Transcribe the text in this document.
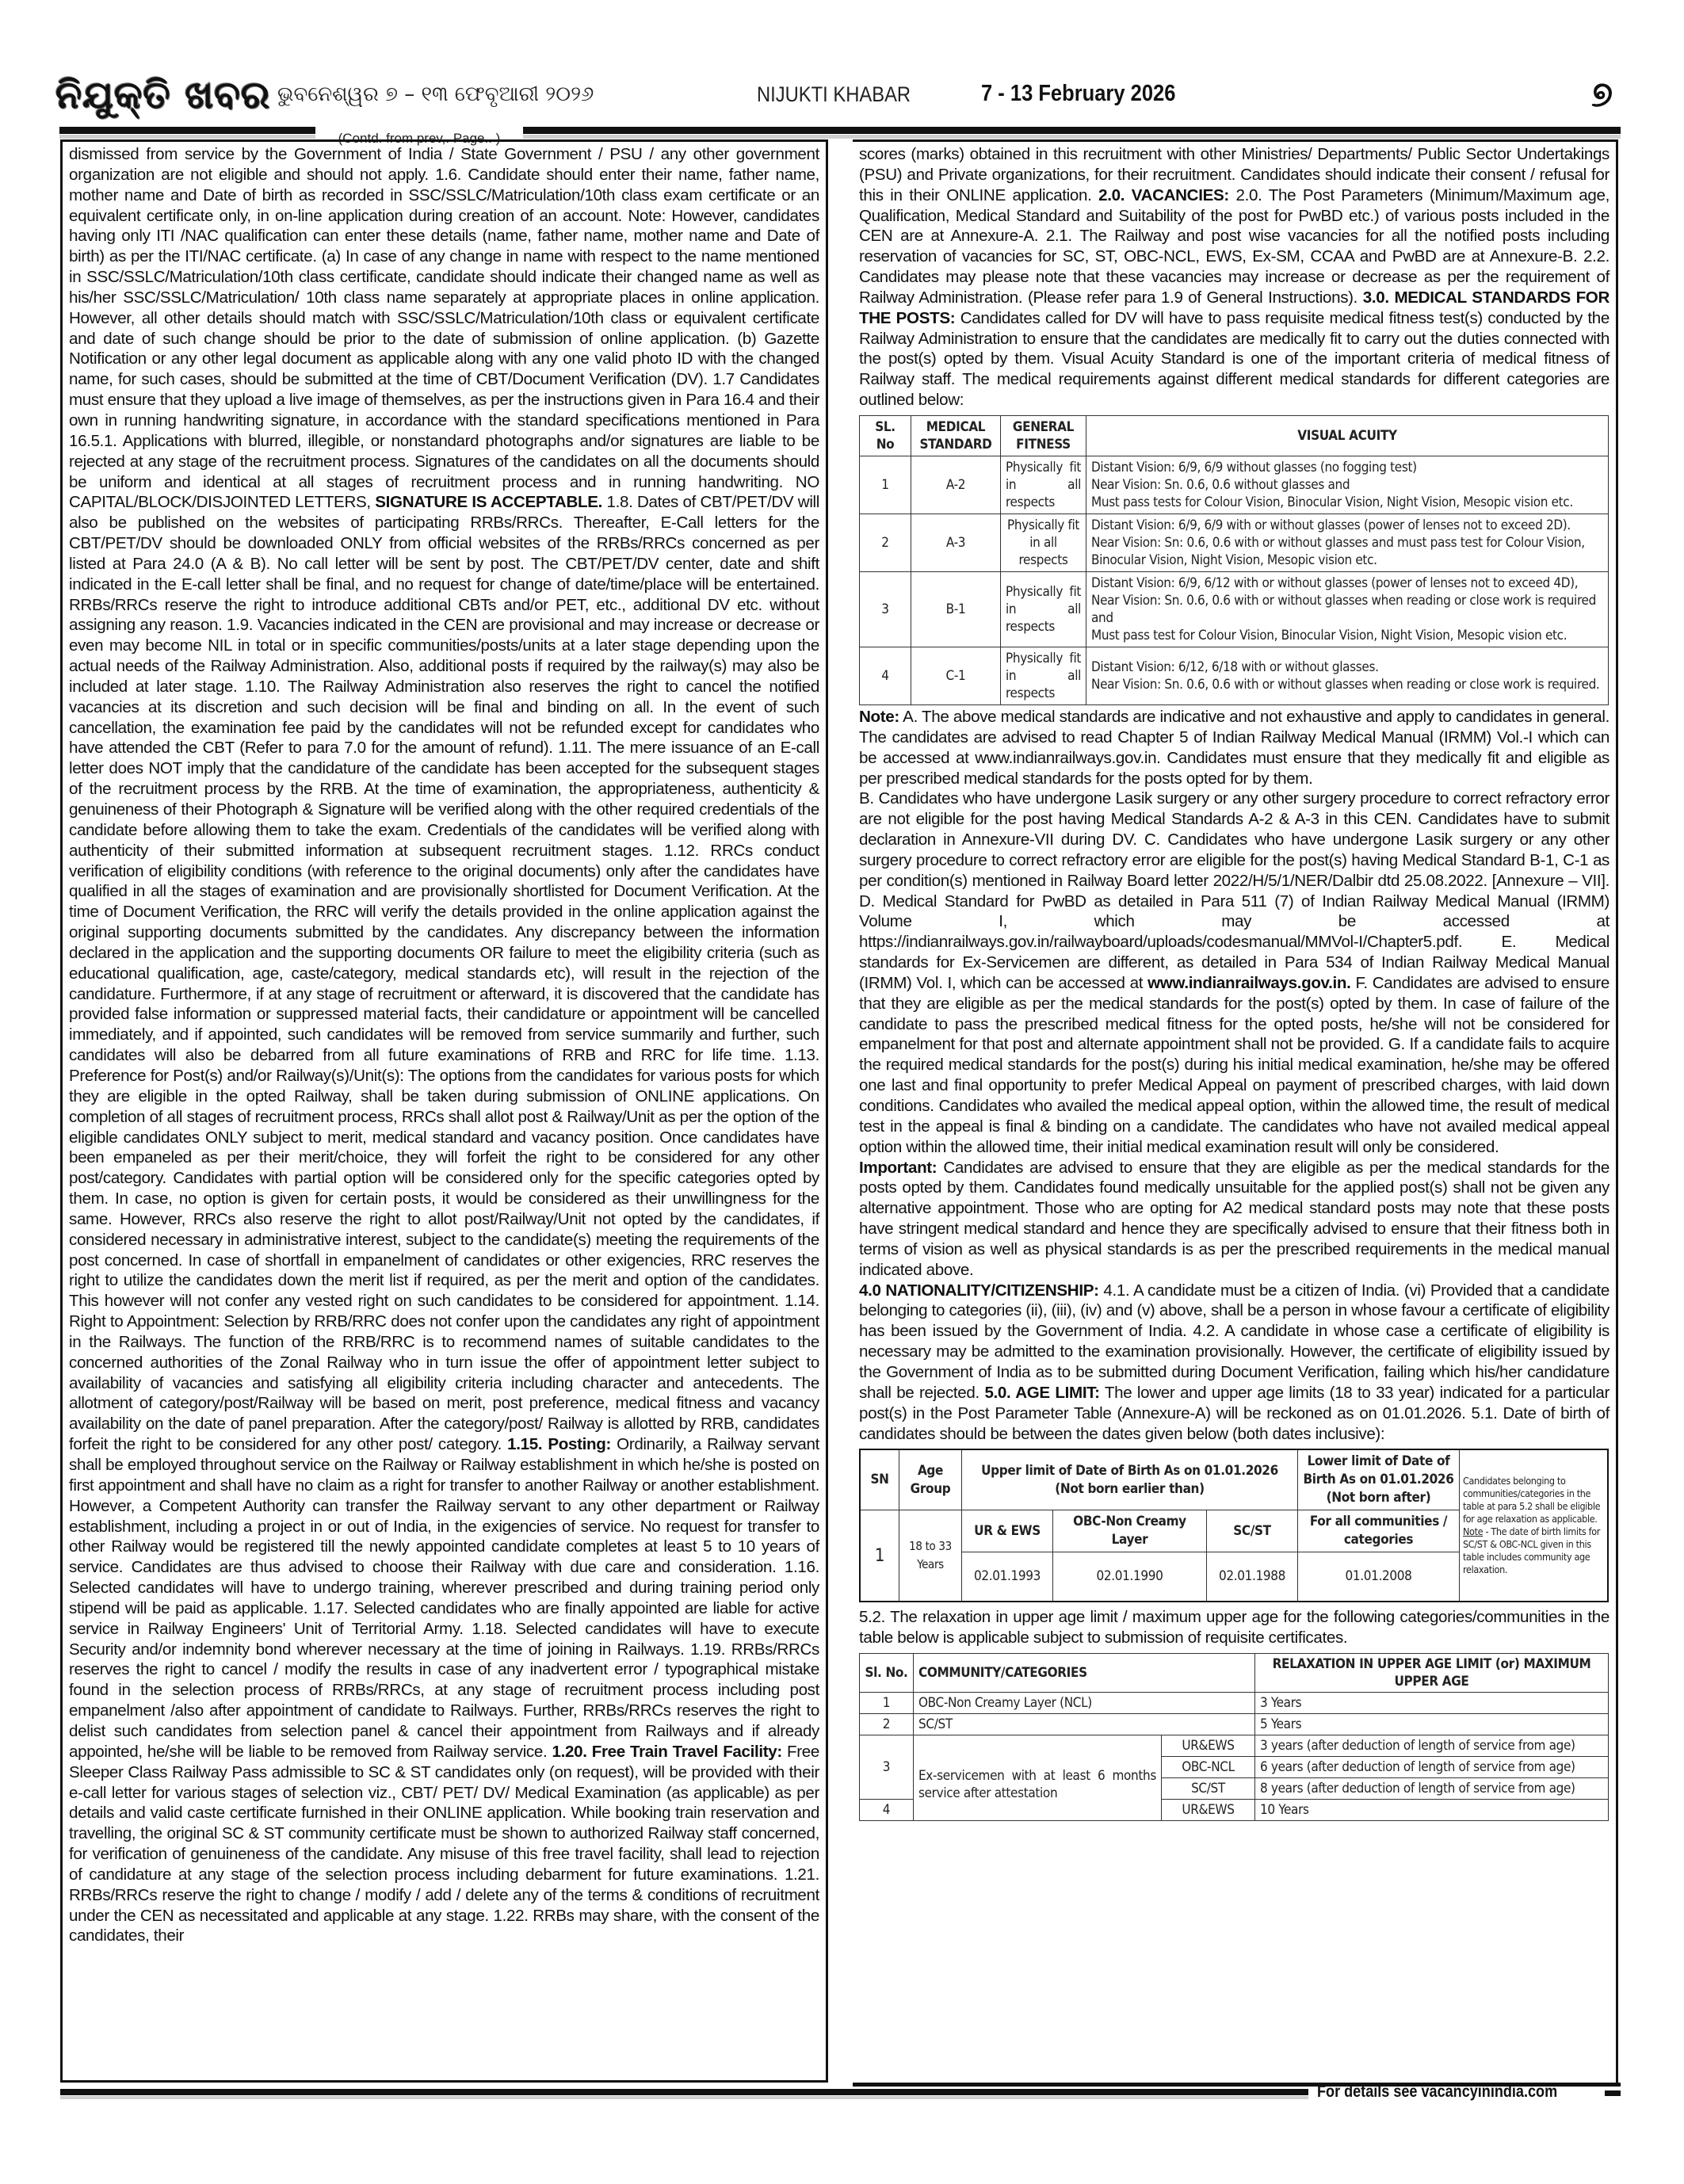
ନିଯୁକ୍ତି ଖବର ଭୁବନେଶ୍ୱର ୭ – ୧୩ ଫେବୃଆରୀ ୨୦୨୬	NIJUKTI KHABAR	7 - 13 February 2026	୭
(Contd. from prev,. Page.. )

dismissed from service by the Government of India / State Government / PSU / any other government organization are not eligible and should not apply. 1.6. Candidate should enter their name, father name, mother name and Date of birth as recorded in SSC/SSLC/Matriculation/10th class exam certificate or an equivalent certificate only, in on-line application during creation of an account. Note: However, candidates having only ITI /NAC qualification can enter these details (name, father name, mother name and Date of birth) as per the ITI/NAC certificate. (a) In case of any change in name with respect to the name mentioned in SSC/SSLC/Matriculation/10th class certificate, candidate should indicate their changed name as well as his/her SSC/SSLC/Matriculation/ 10th class name separately at appropriate places in online application. However, all other details should match with SSC/SSLC/Matriculation/10th class or equivalent certificate and date of such change should be prior to the date of submission of online application. (b) Gazette Notification or any other legal document as applicable along with any one valid photo ID with the changed name, for such cases, should be submitted at the time of CBT/Document Verification (DV). 1.7 Candidates must ensure that they upload a live image of themselves, as per the instructions given in Para 16.4 and their own in running handwriting signature, in accordance with the standard specifications mentioned in Para 16.5.1. Applications with blurred, illegible, or nonstandard photographs and/or signatures are liable to be rejected at any stage of the recruitment process. Signatures of the candidates on all the documents should be uniform and identical at all stages of recruitment process and in running handwriting. NO CAPITAL/BLOCK/DISJOINTED LETTERS, SIGNATURE IS ACCEPTABLE. 1.8. Dates of CBT/PET/DV will also be published on the websites of participating RRBs/RRCs. Thereafter, E-Call letters for the CBT/PET/DV should be downloaded ONLY from official websites of the RRBs/RRCs concerned as per listed at Para 24.0 (A & B). No call letter will be sent by post. The CBT/PET/DV center, date and shift indicated in the E-call letter shall be final, and no request for change of date/time/place will be entertained. RRBs/RRCs reserve the right to introduce additional CBTs and/or PET, etc., additional DV etc. without assigning any reason. 1.9. Vacancies indicated in the CEN are provisional and may increase or decrease or even may become NIL in total or in specific communities/posts/units at a later stage depending upon the actual needs of the Railway Administration. Also, additional posts if required by the railway(s) may also be included at later stage. 1.10. The Railway Administration also reserves the right to cancel the notified vacancies at its discretion and such decision will be final and binding on all. In the event of such cancellation, the examination fee paid by the candidates will not be refunded except for candidates who have attended the CBT (Refer to para 7.0 for the amount of refund). 1.11. The mere issuance of an E-call letter does NOT imply that the candidature of the candidate has been accepted for the subsequent stages of the recruitment process by the RRB. At the time of examination, the appropriateness, authenticity & genuineness of their Photograph & Signature will be verified along with the other required credentials of the candidate before allowing them to take the exam. Credentials of the candidates will be verified along with authenticity of their submitted information at subsequent recruitment stages. 1.12. RRCs conduct verification of eligibility conditions (with reference to the original documents) only after the candidates have qualified in all the stages of examination and are provisionally shortlisted for Document Verification. At the time of Document Verification, the RRC will verify the details provided in the online application against the original supporting documents submitted by the candidates. Any discrepancy between the information declared in the application and the supporting documents OR failure to meet the eligibility criteria (such as educational qualification, age, caste/category, medical standards etc), will result in the rejection of the candidature. Furthermore, if at any stage of recruitment or afterward, it is discovered that the candidate has provided false information or suppressed material facts, their candidature or appointment will be cancelled immediately, and if appointed, such candidates will be removed from service summarily and further, such candidates will also be debarred from all future examinations of RRB and RRC for life time. 1.13. Preference for Post(s) and/or Railway(s)/Unit(s): The options from the candidates for various posts for which they are eligible in the opted Railway, shall be taken during submission of ONLINE applications. On completion of all stages of recruitment process, RRCs shall allot post & Railway/Unit as per the option of the eligible candidates ONLY subject to merit, medical standard and vacancy position. Once candidates have been empaneled as per their merit/choice, they will forfeit the right to be considered for any other post/category. Candidates with partial option will be considered only for the specific categories opted by them. In case, no option is given for certain posts, it would be considered as their unwillingness for the same. However, RRCs also reserve the right to allot post/Railway/Unit not opted by the candidates, if considered necessary in administrative interest, subject to the candidate(s) meeting the requirements of the post concerned. In case of shortfall in empanelment of candidates or other exigencies, RRC reserves the right to utilize the candidates down the merit list if required, as per the merit and option of the candidates. This however will not confer any vested right on such candidates to be considered for appointment. 1.14. Right to Appointment: Selection by RRB/RRC does not confer upon the candidates any right of appointment in the Railways. The function of the RRB/RRC is to recommend names of suitable candidates to the concerned authorities of the Zonal Railway who in turn issue the offer of appointment letter subject to availability of vacancies and satisfying all eligibility criteria including character and antecedents. The allotment of category/post/Railway will be based on merit, post preference, medical fitness and vacancy availability on the date of panel preparation. After the category/post/ Railway is allotted by RRB, candidates forfeit the right to be considered for any other post/ category. 1.15. Posting: Ordinarily, a Railway servant shall be employed throughout service on the Railway or Railway establishment in which he/she is posted on first appointment and shall have no claim as a right for transfer to another Railway or another establishment. However, a Competent Authority can transfer the Railway servant to any other department or Railway establishment, including a project in or out of India, in the exigencies of service. No request for transfer to other Railway would be registered till the newly appointed candidate completes at least 5 to 10 years of service. Candidates are thus advised to choose their Railway with due care and consideration. 1.16. Selected candidates will have to undergo training, wherever prescribed and during training period only stipend will be paid as applicable. 1.17. Selected candidates who are finally appointed are liable for active service in Railway Engineers' Unit of Territorial Army. 1.18. Selected candidates will have to execute Security and/or indemnity bond wherever necessary at the time of joining in Railways. 1.19. RRBs/RRCs reserves the right to cancel / modify the results in case of any inadvertent error / typographical mistake found in the selection process of RRBs/RRCs, at any stage of recruitment process including post empanelment /also after appointment of candidate to Railways. Further, RRBs/RRCs reserves the right to delist such candidates from selection panel & cancel their appointment from Railways and if already appointed, he/she will be liable to be removed from Railway service. 1.20. Free Train Travel Facility: Free Sleeper Class Railway Pass admissible to SC & ST candidates only (on request), will be provided with their e-call letter for various stages of selection viz., CBT/ PET/ DV/ Medical Examination (as applicable) as per details and valid caste certificate furnished in their ONLINE application. While booking train reservation and travelling, the original SC & ST community certificate must be shown to authorized Railway staff concerned, for verification of genuineness of the candidate. Any misuse of this free travel facility, shall lead to rejection of candidature at any stage of the selection process including debarment for future examinations. 1.21. RRBs/RRCs reserve the right to change / modify / add / delete any of the terms & conditions of recruitment under the CEN as necessitated and applicable at any stage. 1.22. RRBs may share, with the consent of the candidates, their

scores (marks) obtained in this recruitment with other Ministries/ Departments/ Public Sector Undertakings (PSU) and Private organizations, for their recruitment. Candidates should indicate their consent / refusal for this in their ONLINE application. 2.0. VACANCIES: 2.0. The Post Parameters (Minimum/Maximum age, Qualification, Medical Standard and Suitability of the post for PwBD etc.) of various posts included in the CEN are at Annexure-A. 2.1. The Railway and post wise vacancies for all the notified posts including reservation of vacancies for SC, ST, OBC-NCL, EWS, Ex-SM, CCAA and PwBD are at Annexure-B. 2.2. Candidates may please note that these vacancies may increase or decrease as per the requirement of Railway Administration. (Please refer para 1.9 of General Instructions). 3.0. MEDICAL STANDARDS FOR THE POSTS: Candidates called for DV will have to pass requisite medical fitness test(s) conducted by the Railway Administration to ensure that the candidates are medically fit to carry out the duties connected with the post(s) opted by them. Visual Acuity Standard is one of the important criteria of medical fitness of Railway staff. The medical requirements against different medical standards for different categories are outlined below:

SL. No	MEDICAL STANDARD	GENERAL FITNESS	VISUAL ACUITY
1	A-2	Physically fit in all respects	Distant Vision: 6/9, 6/9 without glasses (no fogging test)
Near Vision: Sn. 0.6, 0.6 without glasses and
Must pass tests for Colour Vision, Binocular Vision, Night Vision, Mesopic vision etc.

2	A-3	Physically fit in all respects	Distant Vision: 6/9, 6/9 with or without glasses (power of lenses not to exceed 2D).
Near Vision: Sn: 0.6, 0.6 with or without glasses and must pass test for Colour Vision, Binocular Vision, Night Vision, Mesopic vision etc.

3	B-1	Physically fit in all respects	Distant Vision: 6/9, 6/12 with or without glasses (power of lenses not to exceed 4D),
Near Vision: Sn. 0.6, 0.6 with or without glasses when reading or close work is required and
Must pass test for Colour Vision, Binocular Vision, Night Vision, Mesopic vision etc.

4	C-1	Physically fit in all respects	Distant Vision: 6/12, 6/18 with or without glasses.
Near Vision: Sn. 0.6, 0.6 with or without glasses when reading or close work is required.

Note: A. The above medical standards are indicative and not exhaustive and apply to candidates in general. The candidates are advised to read Chapter 5 of Indian Railway Medical Manual (IRMM) Vol.-I which can be accessed at www.indianrailways.gov.in. Candidates must ensure that they medically fit and eligible as per prescribed medical standards for the posts opted for by them.
B. Candidates who have undergone Lasik surgery or any other surgery procedure to correct refractory error are not eligible for the post having Medical Standards A-2 & A-3 in this CEN. Candidates have to submit declaration in Annexure-VII during DV. C. Candidates who have undergone Lasik surgery or any other surgery procedure to correct refractory error are eligible for the post(s) having Medical Standard B-1, C-1 as per condition(s) mentioned in Railway Board letter 2022/H/5/1/NER/Dalbir dtd 25.08.2022. [Annexure – VII]. D. Medical Standard for PwBD as detailed in Para 511 (7) of Indian Railway Medical Manual (IRMM) Volume I, which may be accessed at https://indianrailways.gov.in/railwayboard/uploads/codesmanual/MMVol-I/Chapter5.pdf. E. Medical standards for Ex-Servicemen are different, as detailed in Para 534 of Indian Railway Medical Manual (IRMM) Vol. I, which can be accessed at www.indianrailways.gov.in. F. Candidates are advised to ensure that they are eligible as per the medical standards for the post(s) opted by them. In case of failure of the candidate to pass the prescribed medical fitness for the opted posts, he/she will not be considered for empanelment for that post and alternate appointment shall not be provided. G. If a candidate fails to acquire the required medical standards for the post(s) during his initial medical examination, he/she may be offered one last and final opportunity to prefer Medical Appeal on payment of prescribed charges, with laid down conditions. Candidates who availed the medical appeal option, within the allowed time, the result of medical test in the appeal is final & binding on a candidate. The candidates who have not availed medical appeal option within the allowed time, their initial medical examination result will only be considered.
Important: Candidates are advised to ensure that they are eligible as per the medical standards for the posts opted by them. Candidates found medically unsuitable for the applied post(s) shall not be given any alternative appointment. Those who are opting for A2 medical standard posts may note that these posts have stringent medical standard and hence they are specifically advised to ensure that their fitness both in terms of vision as well as physical standards is as per the prescribed requirements in the medical manual indicated above.
4.0 NATIONALITY/CITIZENSHIP: 4.1. A candidate must be a citizen of India. (vi) Provided that a candidate belonging to categories (ii), (iii), (iv) and (v) above, shall be a person in whose favour a certificate of eligibility has been issued by the Government of India. 4.2. A candidate in whose case a certificate of eligibility is necessary may be admitted to the examination provisionally. However, the certificate of eligibility issued by the Government of India as to be submitted during Document Verification, failing which his/her candidature shall be rejected. 5.0. AGE LIMIT: The lower and upper age limits (18 to 33 year) indicated for a particular post(s) in the Post Parameter Table (Annexure-A) will be reckoned as on 01.01.2026. 5.1. Date of birth of candidates should be between the dates given below (both dates inclusive):

SN	Age Group	Upper limit of Date of Birth As on 01.01.2026 (Not born earlier than)			Lower limit of Date of Birth As on 01.01.2026 (Not born after)	Candidates belonging to communities/categories in the table at para 5.2 shall be eligible for age relaxation as applicable.
Note - The date of birth limits for SC/ST & OBC-NCL given in this table includes community age relaxation.
1	18 to 33 Years	UR & EWS	OBC-Non Creamy Layer	SC/ST	For all communities / categories	
		02.01.1993	02.01.1990	02.01.1988	01.01.2008	

5.2. The relaxation in upper age limit / maximum upper age for the following categories/communities in the table below is applicable subject to submission of requisite certificates.

Sl. No.	COMMUNITY/CATEGORIES		RELAXATION IN UPPER AGE LIMIT (or) MAXIMUM UPPER AGE
1	OBC-Non Creamy Layer (NCL)		3 Years
2	SC/ST		5 Years
3	Ex-servicemen with at least 6 months service after attestation	UR&EWS	3 years (after deduction of length of service from age)
		OBC-NCL	6 years (after deduction of length of service from age)
		SC/ST	8 years (after deduction of length of service from age)
4		UR&EWS	10 Years
For details see vacancyinindia.com
